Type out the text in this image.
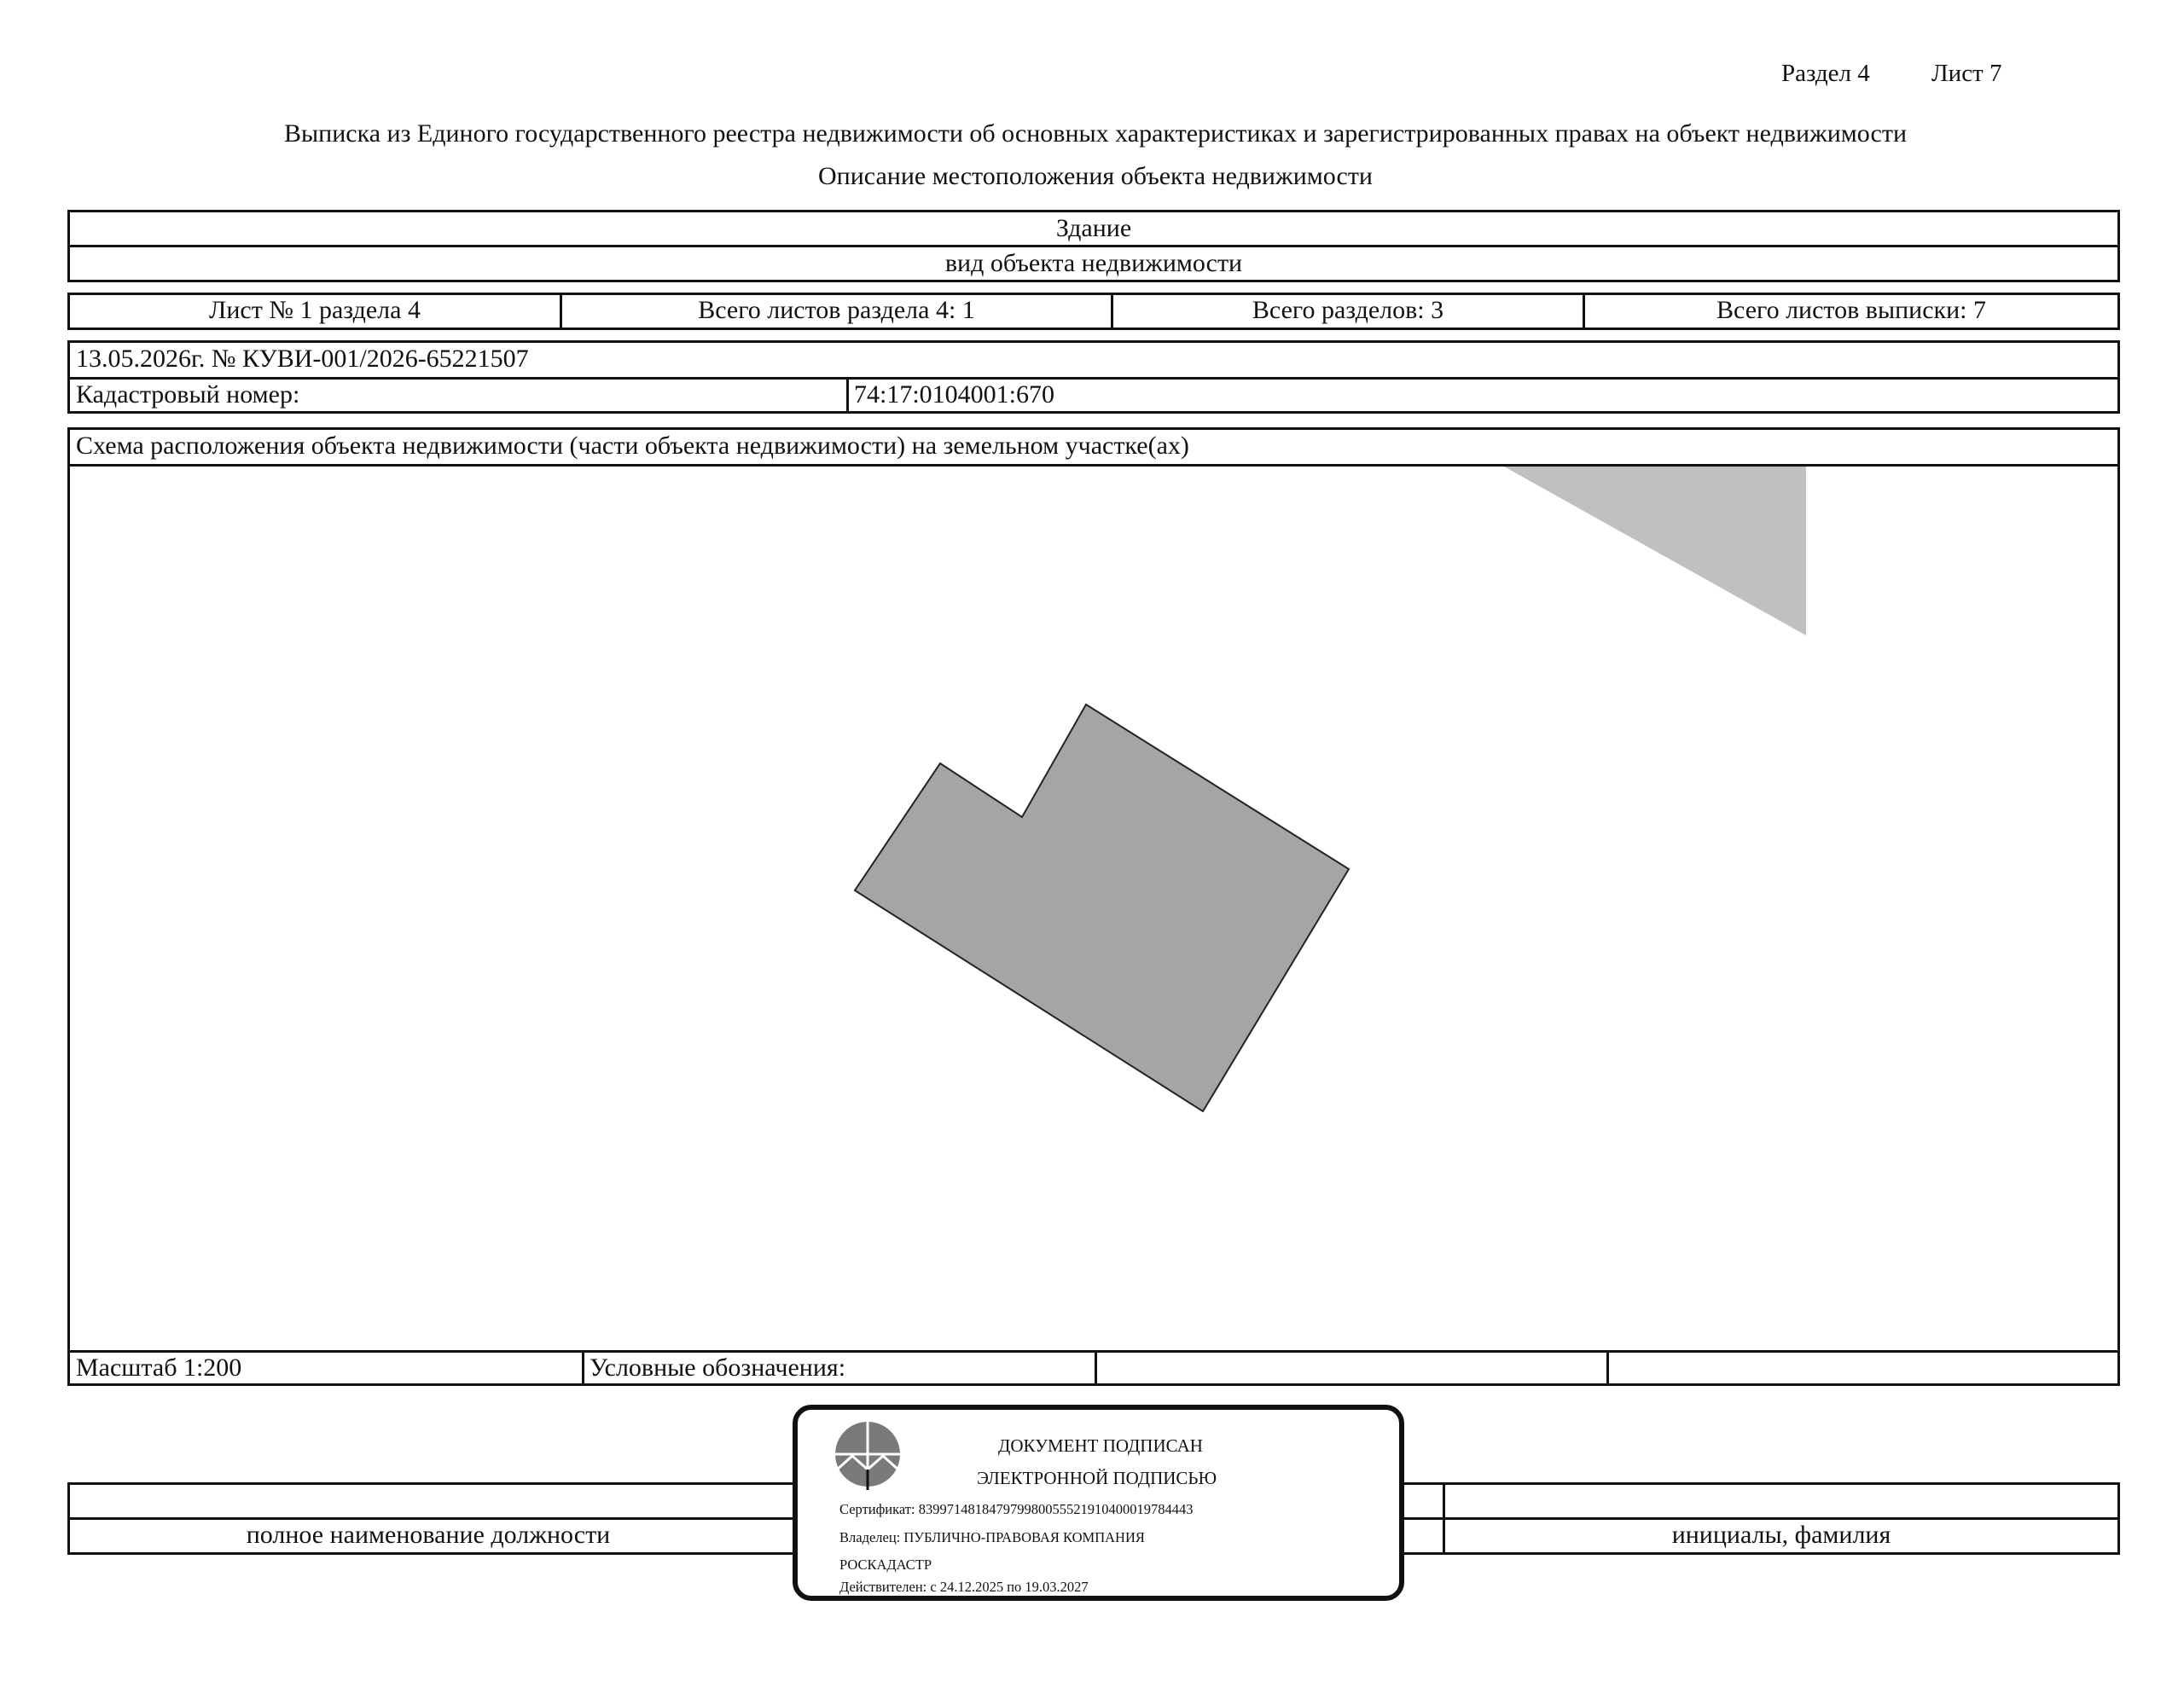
Раздел 4 Лист 7
Выписка из Единого государственного реестра недвижимости об основных характеристиках и зарегистрированных правах на объект недвижимости
Описание местоположения объекта недвижимости
Здание
вид объекта недвижимости
Лист № 1 раздела 4	Всего листов раздела 4: 1	Всего разделов: 3	Всего листов выписки: 7
13.05.2026г. № КУВИ-001/2026-65221507
Кадастровый номер:	74:17:0104001:670
Схема расположения объекта недвижимости (части объекта недвижимости) на земельном участке(ах)
Масштаб 1:200	Условные обозначения:
полное наименование должности	инициалы, фамилия
ДОКУМЕНТ ПОДПИСАН
ЭЛЕКТРОННОЙ ПОДПИСЬЮ
Сертификат: 839971481847979980055521910400019784443
Владелец: ПУБЛИЧНО-ПРАВОВАЯ КОМПАНИЯ
РОСКАДАСТР
Действителен: с 24.12.2025 по 19.03.2027
